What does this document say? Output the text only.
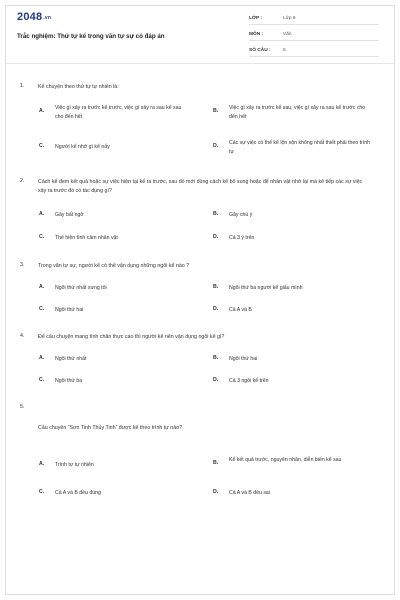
2048.vn
Trắc nghiệm: Thứ tự kể trong văn tự sự có đáp án
LỚP :	Lớp 6
MÔN :	Văn
SỐ CÂU :	5
1.	Kể chuyện theo thứ tự tự nhiên là:
A. Việc gì xảy ra trước kể trước, việc gì xảy ra sau kể sau cho đến hết
B. Việc gì xảy ra trước kể sau, việc gì xảy ra sau kể trước cho đến hết
C. Người kể nhớ gì kể nấy	D. Các sự việc có thể kể lộn xộn không nhất thiết phải theo trình tự
2.	Cách kể đem kết quả hoặc sự việc hiện tại kể ra trước, sau đó mới dùng cách kể bổ sung hoặc để nhân vật nhớ lại mà kể tiếp các sự việc xảy ra trước đó có tác dụng gì?
A. Gây bất ngờ	B. Gây chú ý
C. Thể hiện tình cảm nhân vật	D. Cả 3 ý trên
3.	Trong văn tự sự, người kể có thể vận dụng những ngôi kể nào ?
A. Ngôi thứ nhất xưng tôi	B. Ngôi thứ ba người kể giấu mình
C. Ngôi thứ hai	D. Cả A và B
4.	Để câu chuyện mang tính chân thực cao thì người kể nên vận dụng ngôi kể gì?
A. Ngôi thứ nhất	B. Ngôi thứ hai
C. Ngôi thứ ba	D. Cả 3 ngôi kể trên
5.
Câu chuyện “Sơn Tinh Thủy Tinh” được kể theo trình tự nào?
A. Trình tự tự nhiên	B. Kể kết quả trước, nguyên nhân, diễn biến kể sau
C. Cả A và B đều đúng	D. Cả A và B đều sai
